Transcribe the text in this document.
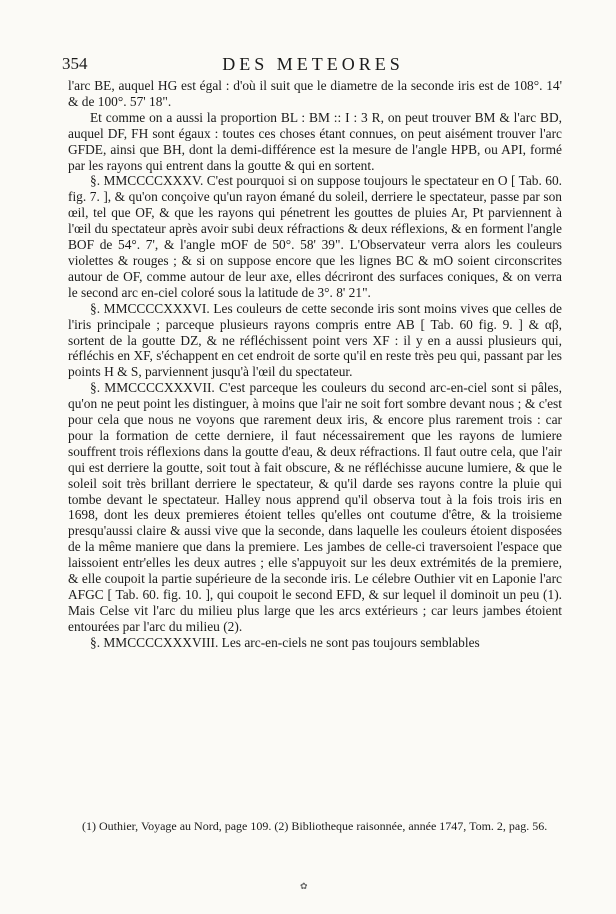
354	DES METEORES

l'arc BE, auquel HG est égal : d'où il suit que le diametre de la seconde iris est de 108°. 14' & de 100°. 57' 18".

Et comme on a aussi la proportion BL : BM :: I : 3 R, on peut trouver BM & l'arc BD, auquel DF, FH sont égaux : toutes ces choses étant connues, on peut aisément trouver l'arc GFDE, ainsi que BH, dont la demi-différence est la mesure de l'angle HPB, ou API, formé par les rayons qui entrent dans la goutte & qui en sortent.

§. MMCCCCXXXV. C'est pourquoi si on suppose toujours le spectateur en O [ Tab. 60. fig. 7. ], & qu'on conçoive qu'un rayon émané du soleil, derriere le spectateur, passe par son œil, tel que OF, & que les rayons qui pénetrent les gouttes de pluies Ar, Pt parviennent à l'œil du spectateur après avoir subi deux réfractions & deux réflexions, & en forment l'angle BOF de 54°. 7', & l'angle mOF de 50°. 58' 39". L'Observateur verra alors les couleurs violettes & rouges ; & si on suppose encore que les lignes BC & mO soient circonscrites autour de OF, comme autour de leur axe, elles décriront des surfaces coniques, & on verra le second arc en-ciel coloré sous la latitude de 3°. 8' 21".

§. MMCCCCXXXVI. Les couleurs de cette seconde iris sont moins vives que celles de l'iris principale ; parceque plusieurs rayons compris entre AB [ Tab. 60 fig. 9. ] & αβ, sortent de la goutte DZ, & ne réfléchissent point vers XF : il y en a aussi plusieurs qui, réfléchis en XF, s'échappent en cet endroit de sorte qu'il en reste très peu qui, passant par les points H & S, parviennent jusqu'à l'œil du spectateur.

§. MMCCCCXXXVII. C'est parceque les couleurs du second arc-en-ciel sont si pâles, qu'on ne peut point les distinguer, à moins que l'air ne soit fort sombre devant nous ; & c'est pour cela que nous ne voyons que rarement deux iris, & encore plus rarement trois : car pour la formation de cette derniere, il faut nécessairement que les rayons de lumiere souffrent trois réflexions dans la goutte d'eau, & deux réfractions. Il faut outre cela, que l'air qui est derriere la goutte, soit tout à fait obscure, & ne réfléchisse aucune lumiere, & que le soleil soit très brillant derriere le spectateur, & qu'il darde ses rayons contre la pluie qui tombe devant le spectateur. Halley nous apprend qu'il observa tout à la fois trois iris en 1698, dont les deux premieres étoient telles qu'elles ont coutume d'être, & la troisieme presqu'aussi claire & aussi vive que la seconde, dans laquelle les couleurs étoient disposées de la même maniere que dans la premiere. Les jambes de celle-ci traversoient l'espace que laissoient entr'elles les deux autres ; elle s'appuyoit sur les deux extrémités de la premiere, & elle coupoit la partie supérieure de la seconde iris. Le célebre Outhier vit en Laponie l'arc AFGC [ Tab. 60. fig. 10. ], qui coupoit le second EFD, & sur lequel il dominoit un peu (1). Mais Celse vit l'arc du milieu plus large que les arcs extérieurs ; car leurs jambes étoient entourées par l'arc du milieu (2).

§. MMCCCCXXXVIII. Les arc-en-ciels ne sont pas toujours semblables

(1) Outhier, Voyage au Nord, page 109. (2) Bibliotheque raisonnée, année 1747, Tom. 2, pag. 56.

✿
